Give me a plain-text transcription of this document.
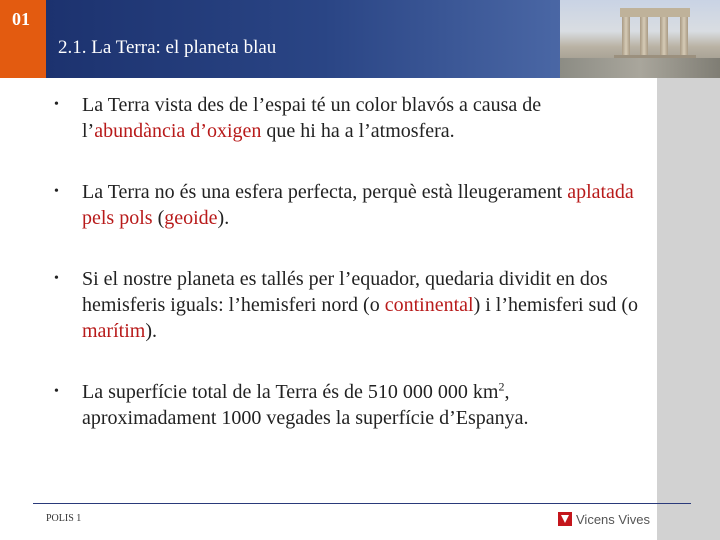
01
2.1. La Terra: el planeta blau
• La Terra vista des de l’espai té un color blavós a causa de l’abundància d’oxigen que hi ha a l’atmosfera.
• La Terra no és una esfera perfecta, perquè està lleugerament aplatada pels pols (geoide).
• Si el nostre planeta es tallés per l’equador, quedaria dividit en dos hemisferis iguals: l’hemisferi nord (o continental) i l’hemisferi sud (o marítim).
• La superfície total de la Terra és de 510 000 000 $km^2$, aproximadament 1000 vegades la superfície d’Espanya.
POLIS 1	Vicens Vives
